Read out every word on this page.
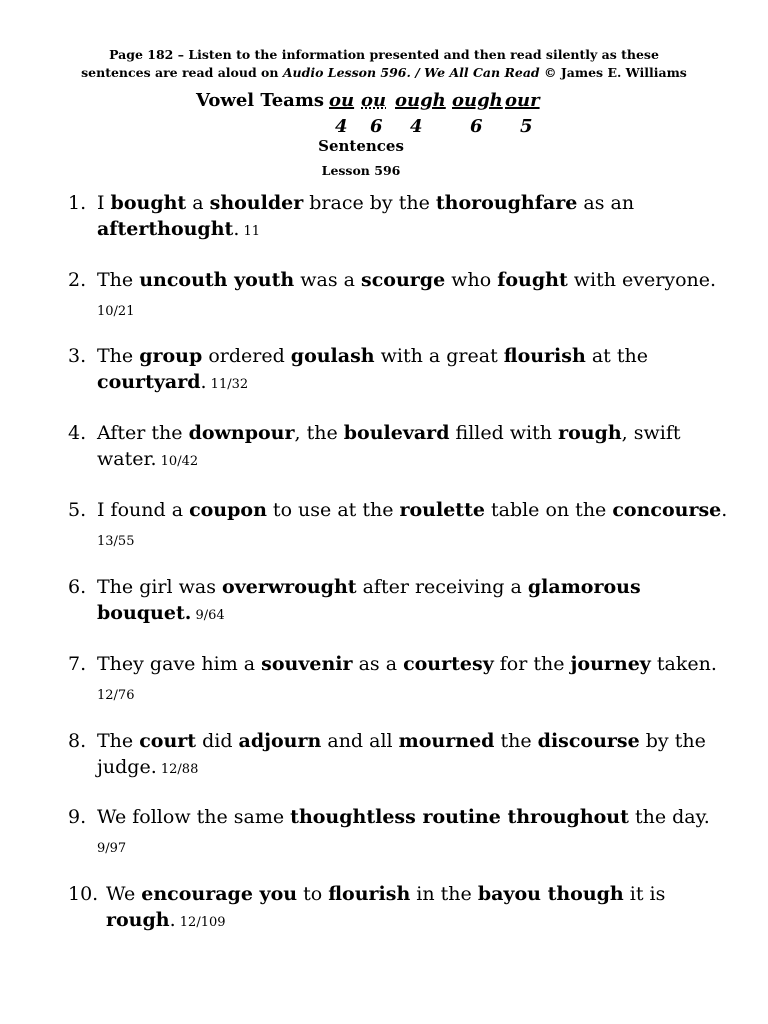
Page 182 – Listen to the information presented and then read silently as these
sentences are read aloud on Audio Lesson 596. / We All Can Read © James E. Williams
Vowel Teams ou ou ough ough our
4 6 4	6 5
Sentences
Lesson 596
1. I bought a shoulder brace by the thoroughfare as an afterthought. 11
2. The uncouth youth was a scourge who fought with everyone. 10/21
3. The group ordered goulash with a great flourish at the courtyard. 11/32
4. After the downpour, the boulevard filled with rough, swift water. 10/42
5. I found a coupon to use at the roulette table on the concourse. 13/55
6. The girl was overwrought after receiving a glamorous bouquet. 9/64
7. They gave him a souvenir as a courtesy for the journey taken. 12/76
8. The court did adjourn and all mourned the discourse by the judge. 12/88
9. We follow the same thoughtless routine throughout the day. 9/97
10. We encourage you to flourish in the bayou though it is rough. 12/109
